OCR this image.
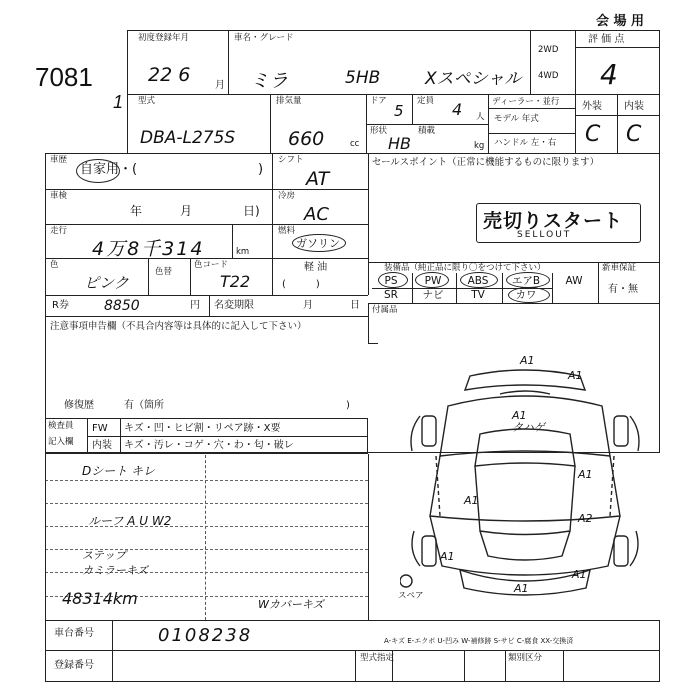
7081
1
会 場 用
初度登録年月
22 6 月
車名・グレード
ミラ	5HB	Xスペシャル
2WD
4WD
評 価 点
4
型式
DBA-L275S
排気量
660	cc
ドア
5
定員 4 人
ディーラー・並行
モデル 年式
ハンドル 左・右
形状
HB
積載
kg
外装 内装
C C
車歴
自家用・(	)
シフト
AT
セールスポイント（正常に機能するものに限ります）
車検
年	月	日)
冷房
AC
走行
4万8千314	km
燃料
ガソリン
軽 油
(　　　)
売切りスタート
SELLOUT
色
ピンク
色替
色コード
T22
装備品（純正品に限り〇をつけて下さい）	新車保証
有・無
PS	PW	ABS	エアB	AW
SR	ナビ	TV	カワ
R券	8850	円 名変期限	月	日
注意事項申告欄（不具合内容等は具体的に記入して下さい）
修復歴	有（箇所	)
付属品
検査員
記入欄
FW キズ・凹・ヒビ割・リペア跡・X要
内装 キズ・汚レ・コゲ・穴・わ・匂・破レ
Dシート キレ
ルーフ A U W2
ステップ
カミラーキズ
48314km	Wカバーキズ
A1
A1
A1
タハゲ
A1
A1
A2
A1
A1
A1
スペア
A-キズ E-エクボ U-凹み W-補修跡 S-サビ C-腐食 XX-交換済
車台番号	0108238
登録番号
型式指定	類別区分
